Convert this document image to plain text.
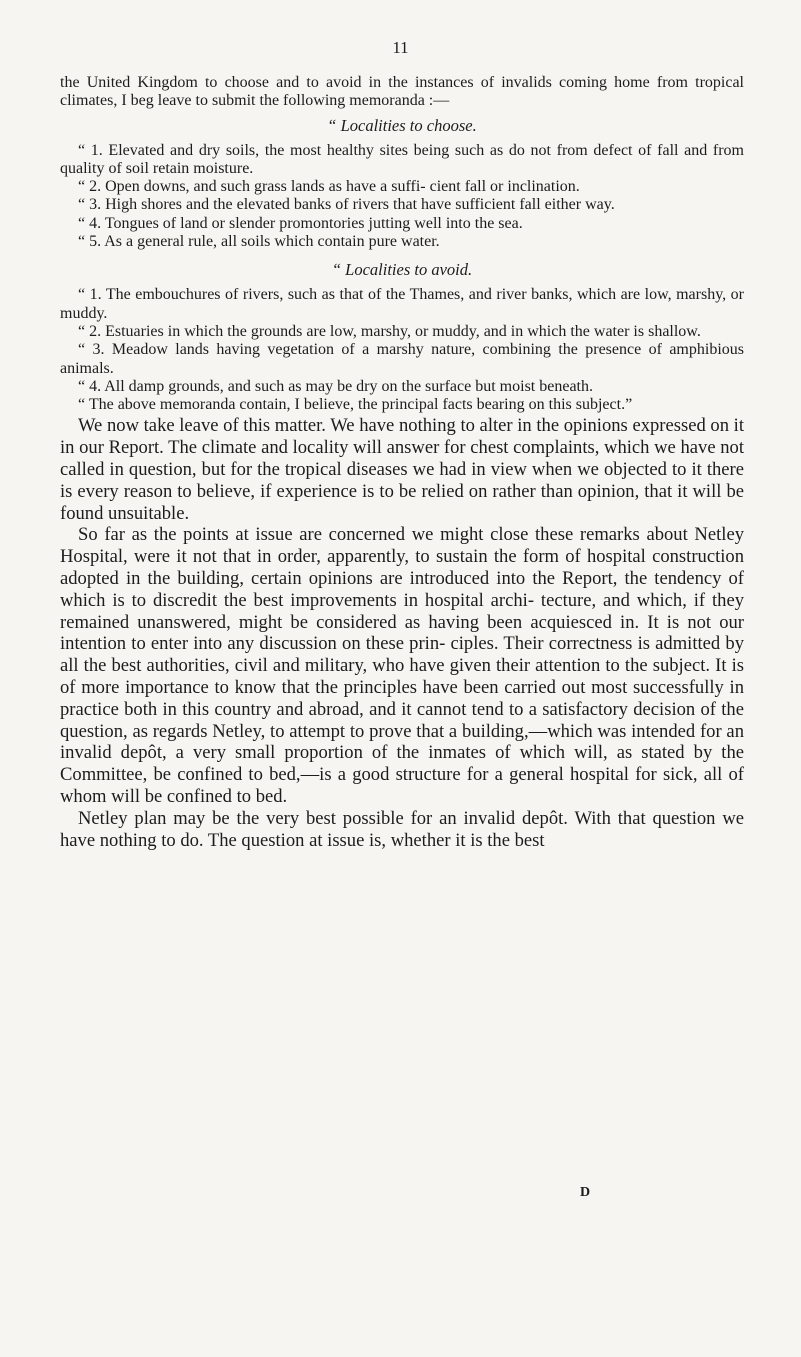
11

the United Kingdom to choose and to avoid in the instances of invalids coming home from tropical climates, I beg leave to submit the following memoranda :—

“ Localities to choose.

“ 1. Elevated and dry soils, the most healthy sites being such as do not from defect of fall and from quality of soil retain moisture.

“ 2. Open downs, and such grass lands as have a suffi- cient fall or inclination.

“ 3. High shores and the elevated banks of rivers that have sufficient fall either way.

“ 4. Tongues of land or slender promontories jutting well into the sea.

“ 5. As a general rule, all soils which contain pure water.

“ Localities to avoid.

“ 1. The embouchures of rivers, such as that of the Thames, and river banks, which are low, marshy, or muddy.

“ 2. Estuaries in which the grounds are low, marshy, or muddy, and in which the water is shallow.

“ 3. Meadow lands having vegetation of a marshy nature, combining the presence of amphibious animals.

“ 4. All damp grounds, and such as may be dry on the surface but moist beneath.

“ The above memoranda contain, I believe, the principal facts bearing on this subject.”

We now take leave of this matter. We have nothing to alter in the opinions expressed on it in our Report. The climate and locality will answer for chest complaints, which we have not called in question, but for the tropical diseases we had in view when we objected to it there is every reason to believe, if experience is to be relied on rather than opinion, that it will be found unsuitable.

So far as the points at issue are concerned we might close these remarks about Netley Hospital, were it not that in order, apparently, to sustain the form of hospital construction adopted in the building, certain opinions are introduced into the Report, the tendency of which is to discredit the best improvements in hospital archi- tecture, and which, if they remained unanswered, might be considered as having been acquiesced in. It is not our intention to enter into any discussion on these prin- ciples. Their correctness is admitted by all the best authorities, civil and military, who have given their attention to the subject. It is of more importance to know that the principles have been carried out most successfully in practice both in this country and abroad, and it cannot tend to a satisfactory decision of the question, as regards Netley, to attempt to prove that a building,—which was intended for an invalid depôt, a very small proportion of the inmates of which will, as stated by the Committee, be confined to bed,—is a good structure for a general hospital for sick, all of whom will be confined to bed.

Netley plan may be the very best possible for an invalid depôt. With that question we have nothing to do. The question at issue is, whether it is the best

D
